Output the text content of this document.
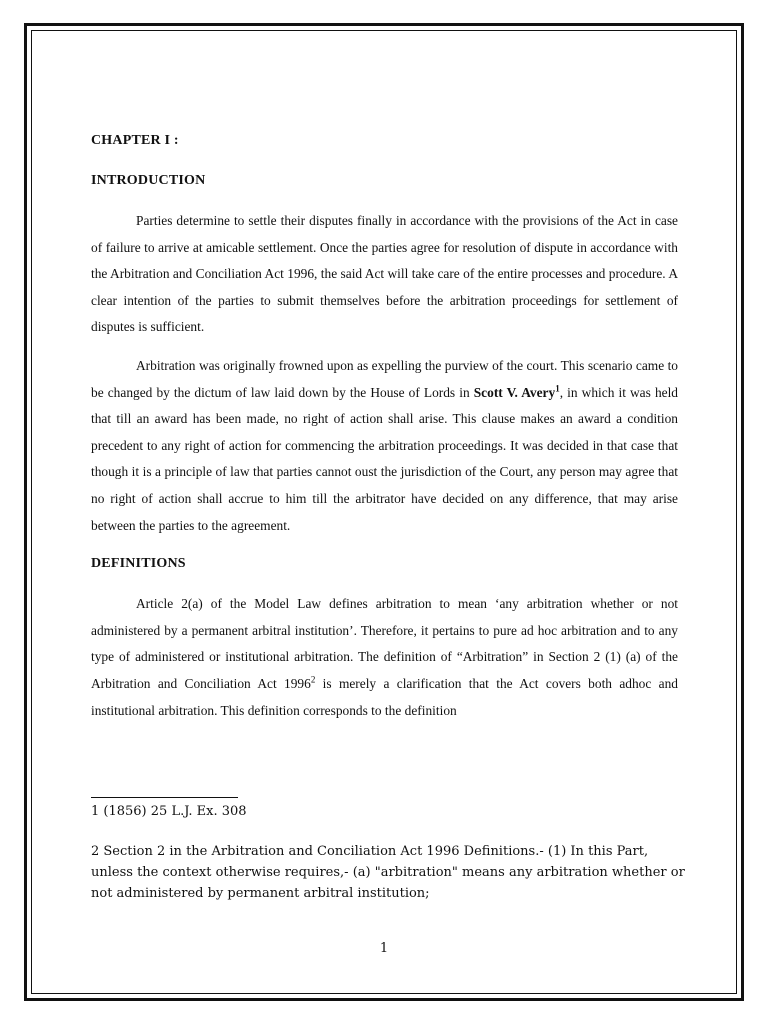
CHAPTER I :
INTRODUCTION

Parties determine to settle their disputes finally in accordance with the provisions of the Act in case of failure to arrive at amicable settlement. Once the parties agree for resolution of dispute in accordance with the Arbitration and Conciliation Act 1996, the said Act will take care of the entire processes and procedure. A clear intention of the parties to submit themselves before the arbitration proceedings for settlement of disputes is sufficient.

Arbitration was originally frowned upon as expelling the purview of the court. This scenario came to be changed by the dictum of law laid down by the House of Lords in Scott V. Avery$^1$, in which it was held that till an award has been made, no right of action shall arise. This clause makes an award a condition precedent to any right of action for commencing the arbitration proceedings. It was decided in that case that though it is a principle of law that parties cannot oust the jurisdiction of the Court, any person may agree that no right of action shall accrue to him till the arbitrator have decided on any difference, that may arise between the parties to the agreement.

DEFINITIONS

Article 2(a) of the Model Law defines arbitration to mean ‘any arbitration whether or not administered by a permanent arbitral institution’. Therefore, it pertains to pure ad hoc arbitration and to any type of administered or institutional arbitration. The definition of “Arbitration” in Section 2 (1) (a) of the Arbitration and Conciliation Act 1996$^2$ is merely a clarification that the Act covers both adhoc and institutional arbitration. This definition corresponds to the definition

1 (1856) 25 L.J. Ex. 308

2 Section 2 in the Arbitration and Conciliation Act 1996 Definitions.- (1) In this Part, unless the context otherwise requires,- (a) "arbitration" means any arbitration whether or not administered by permanent arbitral institution;

1
